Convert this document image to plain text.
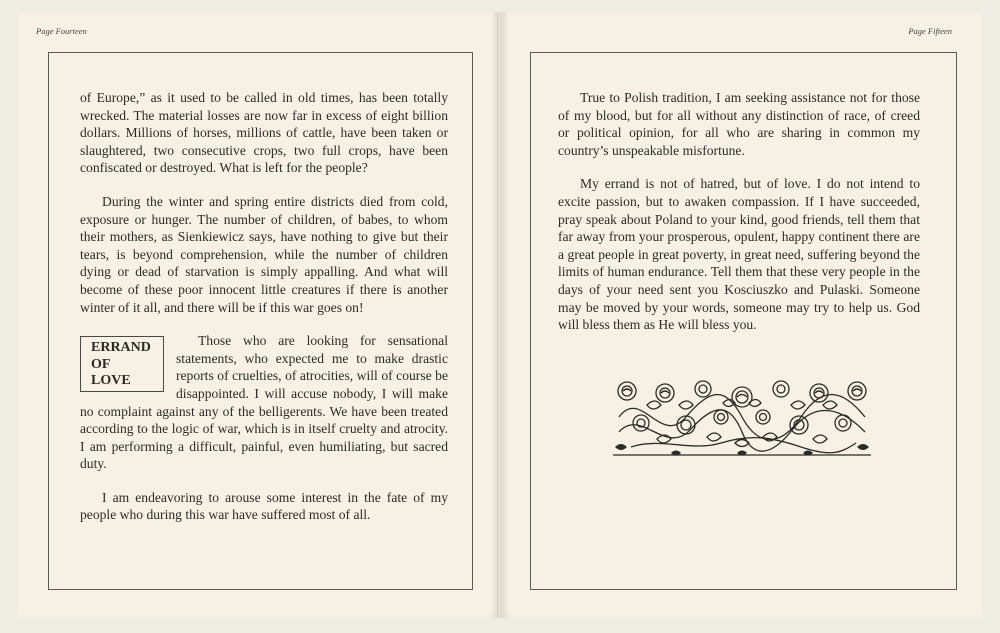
Page Fourteen

of Europe,” as it used to be called in old times, has been totally wrecked. The material losses are now far in excess of eight billion dollars. Millions of horses, millions of cattle, have been taken or slaughtered, two consecutive crops, two full crops, have been confiscated or destroyed. What is left for the people?

During the winter and spring entire districts died from cold, exposure or hunger. The number of children, of babes, to whom their mothers, as Sienkiewicz says, have nothing to give but their tears, is beyond comprehension, while the number of children dying or dead of starvation is simply appalling. And what will become of these poor innocent little creatures if there is another winter of it all, and there will be if this war goes on!

ERRAND
OF
LOVE
Those who are looking for sensational statements, who expected me to make drastic reports of cruelties, of atrocities, will of course be disappointed. I will accuse nobody, I will make no complaint against any of the belligerents. We have been treated according to the logic of war, which is in itself cruelty and atrocity. I am performing a difficult, painful, even humiliating, but sacred duty.

I am endeavoring to arouse some interest in the fate of my people who during this war have suffered most of all.

Page Fifteen

True to Polish tradition, I am seeking assistance not for those of my blood, but for all without any distinction of race, of creed or political opinion, for all who are sharing in common my country’s unspeakable misfortune.

My errand is not of hatred, but of love. I do not intend to excite passion, but to awaken compassion. If I have succeeded, pray speak about Poland to your kind, good friends, tell them that far away from your prosperous, opulent, happy continent there are a great people in great poverty, in great need, suffering beyond the limits of human endurance. Tell them that these very people in the days of your need sent you Kosciuszko and Pulaski. Someone may be moved by your words, someone may try to help us. God will bless them as He will bless you.
